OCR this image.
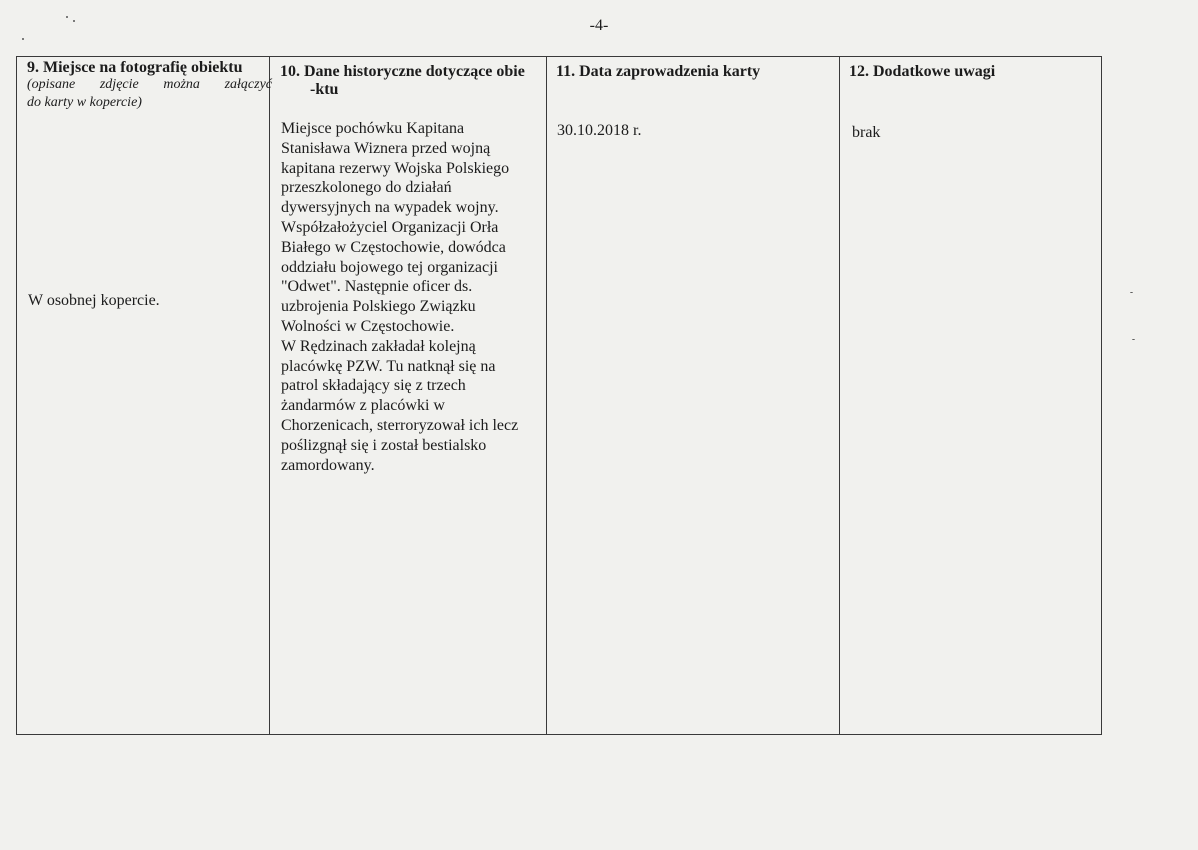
-4-
9. Miejsce na fotografię obiektu
(opisane zdjęcie można załączyć
do karty w kopercie)
W osobnej kopercie.

10. Dane historyczne dotyczące obie
-ktu
Miejsce pochówku Kapitana
Stanisława Wiznera przed wojną
kapitana rezerwy Wojska Polskiego
przeszkolonego do działań
dywersyjnych na wypadek wojny.
Współzałożyciel Organizacji Orła
Białego w Częstochowie, dowódca
oddziału bojowego tej organizacji
"Odwet". Następnie oficer ds.
uzbrojenia Polskiego Związku
Wolności w Częstochowie.
W Rędzinach zakładał kolejną
placówkę PZW. Tu natknął się na
patrol składający się z trzech
żandarmów z placówki w
Chorzenicach, sterroryzował ich lecz
poślizgnął się i został bestialsko
zamordowany.

11. Data zaprowadzenia karty
30.10.2018 r.

12. Dodatkowe uwagi
brak
